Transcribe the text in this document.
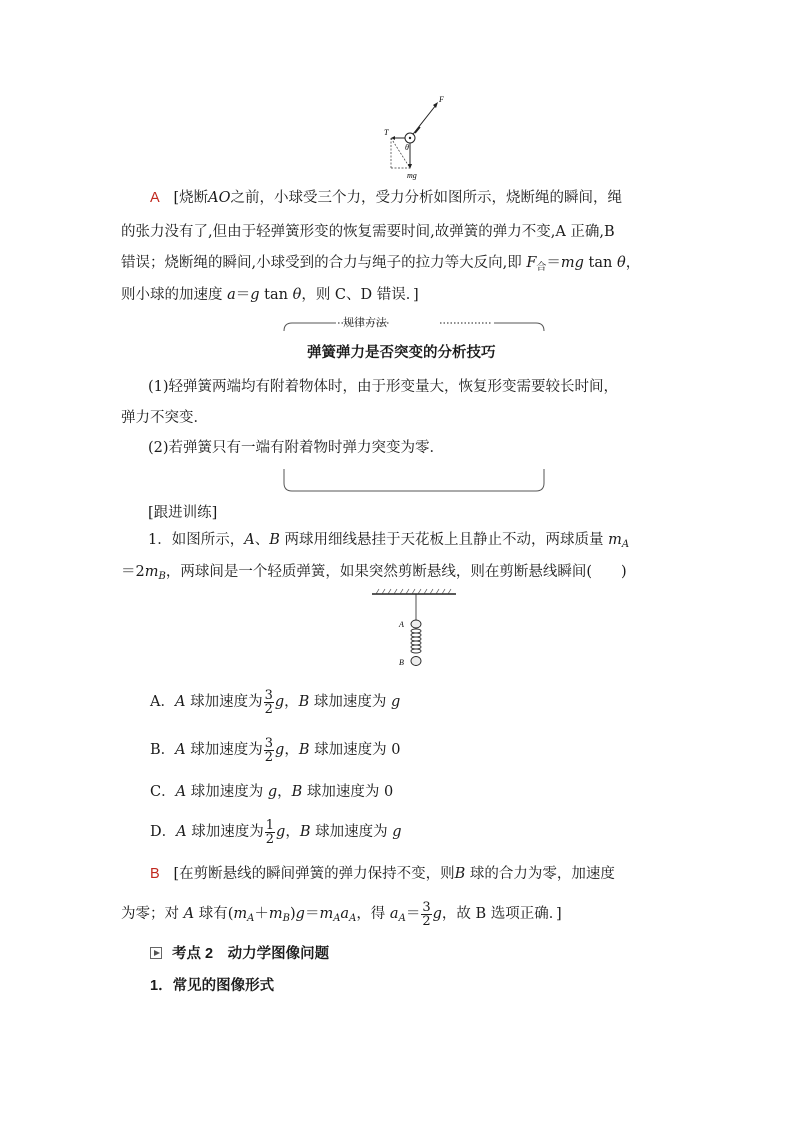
F
T
θ
mg
A [烧断AO之前，小球受三个力，受力分析如图所示，烧断绳的瞬间，绳
的张力没有了,但由于轻弹簧形变的恢复需要时间,故弹簧的弹力不变,A 正确,B
错误；烧断绳的瞬间,小球受到的合力与绳子的拉力等大反向,即 $F_合=mg$ tan θ，
则小球的加速度 a＝g tan θ，则 C、D 错误．]
规律方法
弹簧弹力是否突变的分析技巧
(1)轻弹簧两端均有附着物体时，由于形变量大，恢复形变需要较长时间，
弹力不突变．
(2)若弹簧只有一端有附着物时弹力突变为零．
[跟进训练]
1．如图所示，A、B 两球用细线悬挂于天花板上且静止不动，两球质量 $m_A$
$=2m_B$，两球间是一个轻质弹簧，如果突然剪断悬线，则在剪断悬线瞬间(　　)
A
B
A．A 球加速度为 $\frac{3}{2}$ g，B 球加速度为 g
B．A 球加速度为 $\frac{3}{2}$ g，B 球加速度为 0
C．A 球加速度为 g，B 球加速度为 0
D．A 球加速度为 $\frac{1}{2}$ g，B 球加速度为 g
B [在剪断悬线的瞬间弹簧的弹力保持不变，则B 球的合力为零，加速度
为零；对 A 球有$(m_A+m_B)g=m_Aa_A$，得 $a_A= \frac{3}{2}$ g，故 B 选项正确．]
考点 2　动力学图像问题
1．常见的图像形式
